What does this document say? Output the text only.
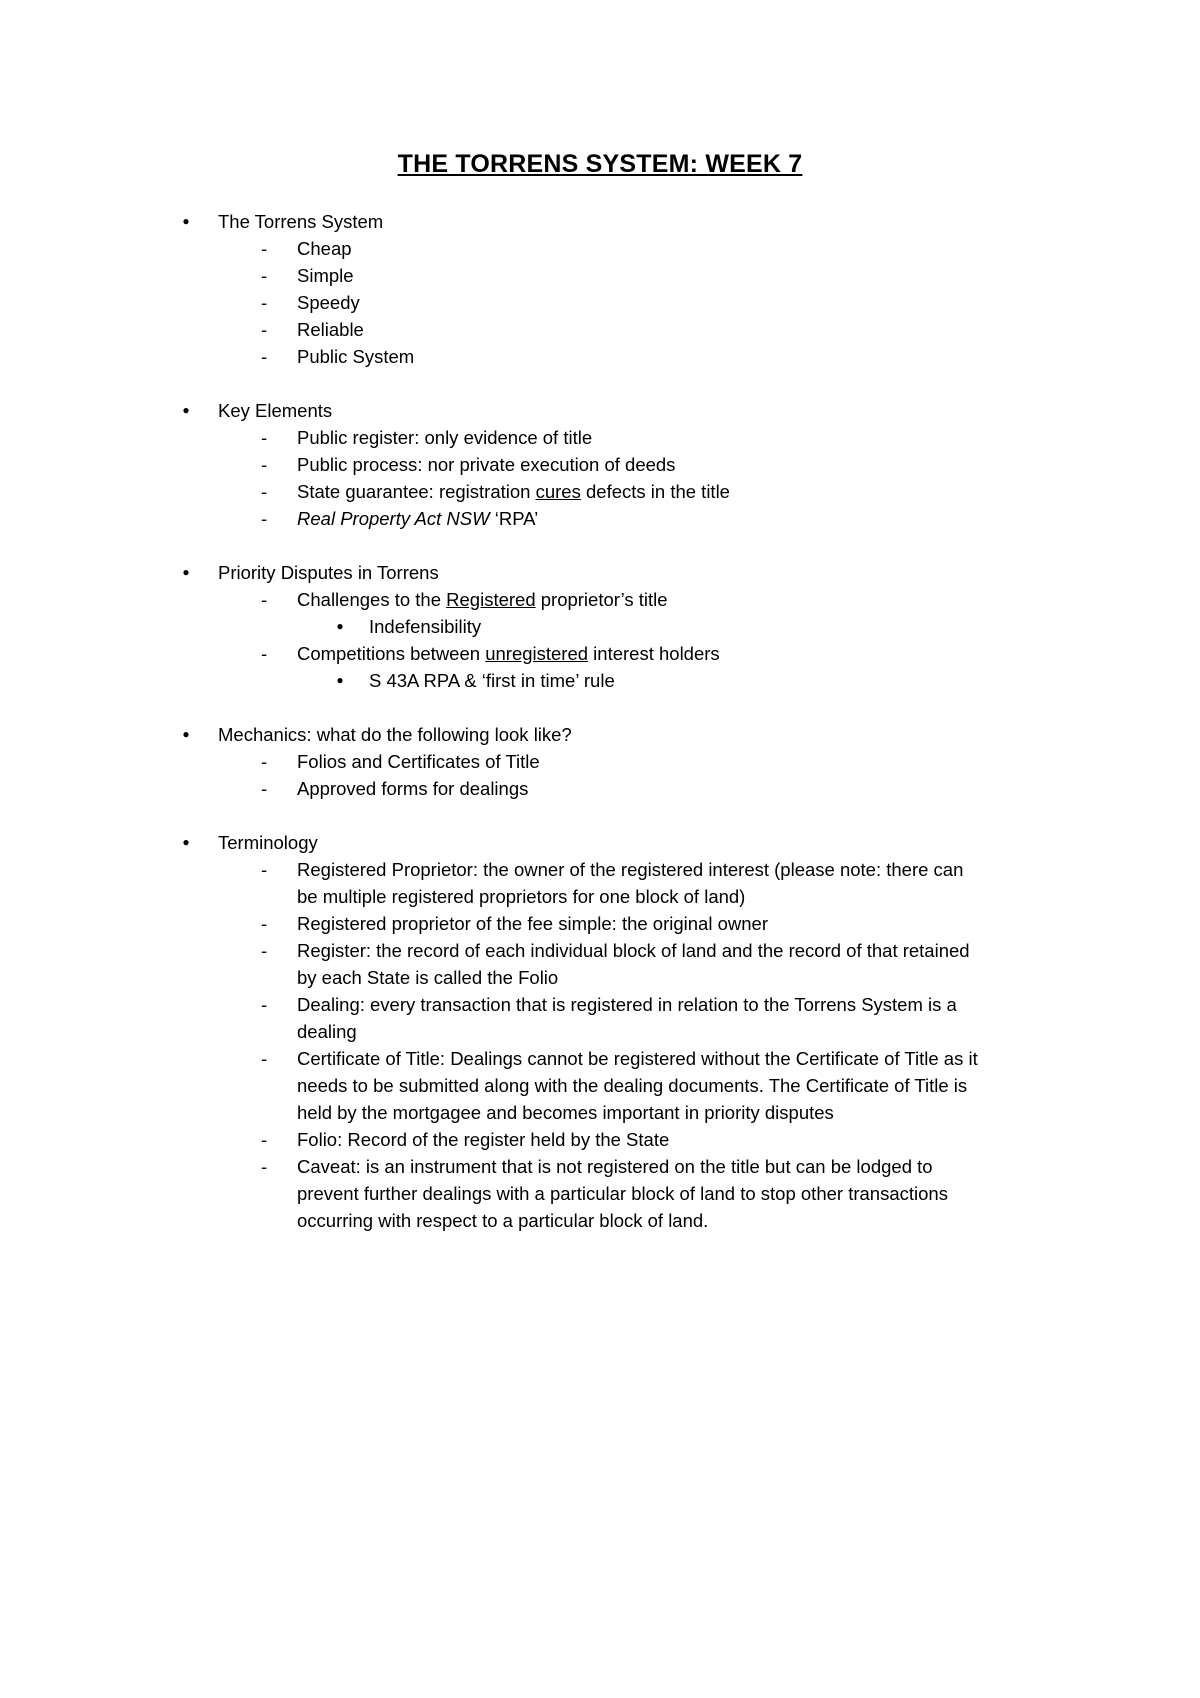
THE TORRENS SYSTEM: WEEK 7
● The Torrens System
- Cheap
- Simple
- Speedy
- Reliable
- Public System
● Key Elements
- Public register: only evidence of title
- Public process: nor private execution of deeds
- State guarantee: registration cures defects in the title
- Real Property Act NSW ‘RPA’
● Priority Disputes in Torrens
- Challenges to the Registered proprietor’s title
● Indefensibility
- Competitions between unregistered interest holders
● S 43A RPA & ‘first in time’ rule
● Mechanics: what do the following look like?
- Folios and Certificates of Title
- Approved forms for dealings
● Terminology
- Registered Proprietor: the owner of the registered interest (please note: there can
be multiple registered proprietors for one block of land)
- Registered proprietor of the fee simple: the original owner
- Register: the record of each individual block of land and the record of that retained
by each State is called the Folio
- Dealing: every transaction that is registered in relation to the Torrens System is a
dealing
- Certificate of Title: Dealings cannot be registered without the Certificate of Title as it
needs to be submitted along with the dealing documents. The Certificate of Title is
held by the mortgagee and becomes important in priority disputes
- Folio: Record of the register held by the State
- Caveat: is an instrument that is not registered on the title but can be lodged to
prevent further dealings with a particular block of land to stop other transactions
occurring with respect to a particular block of land.
